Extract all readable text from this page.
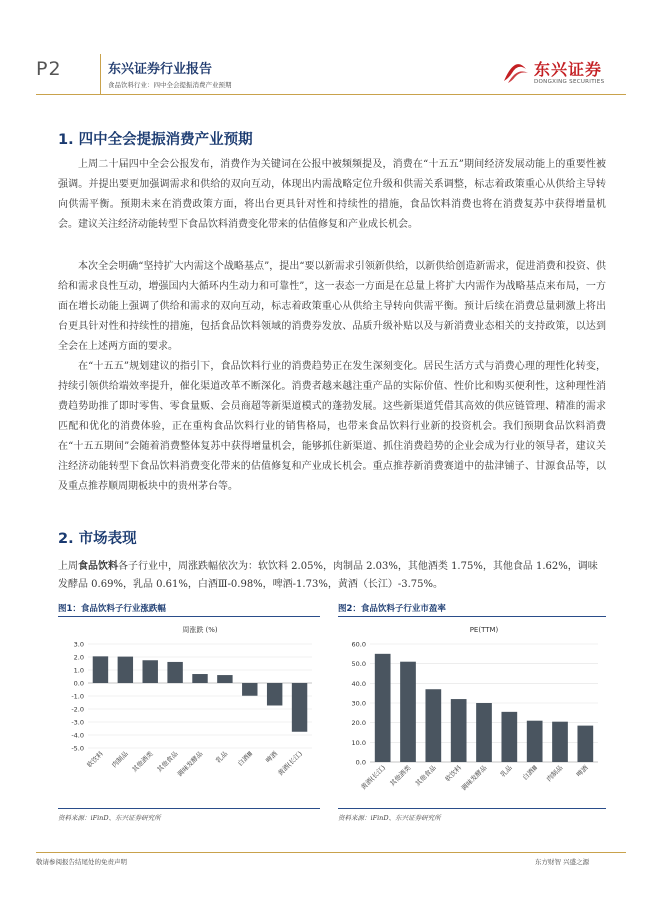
P2	东兴证券行业报告
食品饮料行业：四中全会提振消费产业预期
东兴证券
DONGXING SECURITIES
1. 四中全会提振消费产业预期
上周二十届四中全会公报发布，消费作为关键词在公报中被频频提及，消费在“十五五”期间经济发展动能上的重要性被强调。并提出要更加强调需求和供给的双向互动，体现出内需战略定位升级和供需关系调整，标志着政策重心从供给主导转向供需平衡。预期未来在消费政策方面，将出台更具针对性和持续性的措施，食品饮料消费也将在消费复苏中获得增量机会。建议关注经济动能转型下食品饮料消费变化带来的估值修复和产业成长机会。
本次全会明确“坚持扩大内需这个战略基点”，提出“要以新需求引领新供给，以新供给创造新需求，促进消费和投资、供给和需求良性互动，增强国内大循环内生动力和可靠性”，这一表态一方面是在总量上将扩大内需作为战略基点来布局，一方面在增长动能上强调了供给和需求的双向互动，标志着政策重心从供给主导转向供需平衡。预计后续在消费总量刺激上将出台更具针对性和持续性的措施，包括食品饮料领域的消费券发放、品质升级补贴以及与新消费业态相关的支持政策，以达到全会在上述两方面的要求。
在“十五五”规划建议的指引下，食品饮料行业的消费趋势正在发生深刻变化。居民生活方式与消费心理的理性化转变，持续引领供给端效率提升，催化渠道改革不断深化。消费者越来越注重产品的实际价值、性价比和购买便利性，这种理性消费趋势助推了即时零售、零食量贩、会员商超等新渠道模式的蓬勃发展。这些新渠道凭借其高效的供应链管理、精准的需求匹配和优化的消费体验，正在重构食品饮料行业的销售格局，也带来食品饮料行业新的投资机会。我们预期食品饮料消费在“十五五期间”会随着消费整体复苏中获得增量机会，能够抓住新渠道、抓住消费趋势的企业会成为行业的领导者，建议关注经济动能转型下食品饮料消费变化带来的估值修复和产业成长机会。重点推荐新消费赛道中的盐津铺子、甘源食品等，以及重点推荐顺周期板块中的贵州茅台等。
2. 市场表现
上周食品饮料各子行业中，周涨跌幅依次为：软饮料 2.05%，肉制品 2.03%，其他酒类 1.75%，其他食品 1.62%，调味发酵品 0.69%，乳品 0.61%，白酒Ⅲ-0.98%，啤酒-1.73%，黄酒（长江）-3.75%。
图1：食品饮料子行业涨跌幅
周涨跌 (%)
3.0
2.0
1.0
0.0
-1.0
-2.0
-3.0
-4.0
-5.0
软饮料 肉制品 其他酒类 其他食品
调味发酵品 乳品 白酒Ⅲ 啤酒
黄酒(长江)
资料来源：iFinD、东兴证券研究所
图2：食品饮料子行业市盈率
PE(TTM)
60.0
50.0
40.0
30.0
20.0
10.0
0.0
黄酒(长江) 其他酒类 其他食品 软饮料
调味发酵品 乳品 白酒Ⅲ 肉制品 啤酒
资料来源：iFinD、东兴证券研究所
敬请参阅报告结尾处的免责声明	东方财智 兴盛之源
